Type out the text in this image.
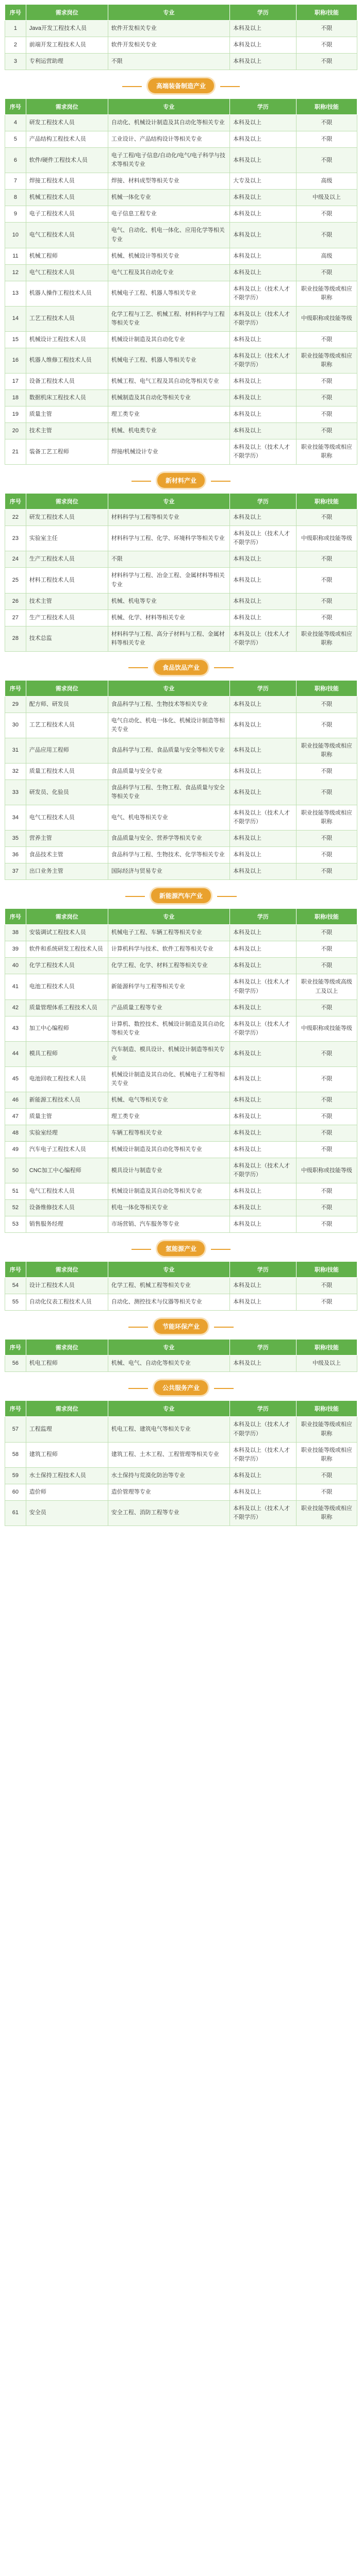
序号	需求岗位	专业	学历	职称/技能
1	Java开发工程技术人员	软件开发相关专业	本科及以上	不限
2	前端开发工程技术人员	软件开发相关专业	本科及以上	不限
3	专利运营助理	不限	本科及以上	不限
高端装备制造产业
序号	需求岗位	专业	学历	职称/技能
4	研发工程技术人员	自动化、机械设计制造及其自动化等相关专业	本科及以上	不限
5	产品结构工程技术人员	工业设计、产品结构设计等相关专业	本科及以上	不限
6	软件/硬件工程技术人员	电子工程/电子信息/自动化/电气/电子科学与技术等相关专业	本科及以上	不限
7	焊接工程技术人员	焊接、材料成型等相关专业	大专及以上	高级
8	机械工程技术人员	机械一体化专业	本科及以上	中级及以上
9	电子工程技术人员	电子信息工程专业	本科及以上	不限
10	电气工程技术人员	电气、自动化、机电一体化、应用化学等相关专业	本科及以上	不限
11	机械工程师	机械、机械设计等相关专业	本科及以上	高级
12	电气工程技术人员	电气工程及其自动化专业	本科及以上	不限
13	机器人操作工程技术人员	机械电子工程、机器人等相关专业	本科及以上（技术人才不限学历）	职业技能等级或相应职称
14	工艺工程技术人员	化学工程与工艺、机械工程、材料科学与工程等相关专业	本科及以上（技术人才不限学历）	中级职称或技能等级
15	机械设计工程技术人员	机械设计制造及其自动化专业	本科及以上	不限
16	机器人维修工程技术人员	机械电子工程、机器人等相关专业	本科及以上（技术人才不限学历）	职业技能等级或相应职称
17	设备工程技术人员	机械工程、电气工程及其自动化等相关专业	本科及以上	不限
18	数据机床工程技术人员	机械制造及其自动化等相关专业	本科及以上	不限
19	质量主管	理工类专业	本科及以上	不限
20	技术主管	机械、机电类专业	本科及以上	不限
21	装备工艺工程师	焊接/机械设计专业	本科及以上（技术人才不限学历）	职业技能等级或相应职称
新材料产业
序号	需求岗位	专业	学历	职称/技能
22	研发工程技术人员	材料科学与工程等相关专业	本科及以上	不限
23	实验室主任	材料科学与工程、化学、环境科学等相关专业	本科及以上（技术人才不限学历）	中级职称或技能等级
24	生产工程技术人员	不限	本科及以上	不限
25	材料工程技术人员	材料科学与工程、冶金工程、金属材料等相关专业	本科及以上	不限
26	技术主管	机械、机电等专业	本科及以上	不限
27	生产工程技术人员	机械、化学、材料等相关专业	本科及以上	不限
28	技术总监	材料科学与工程、高分子材料与工程、金属材料等相关专业	本科及以上（技术人才不限学历）	职业技能等级或相应职称
食品饮品产业
序号	需求岗位	专业	学历	职称/技能
29	配方师、研发员	食品科学与工程、生物技术等相关专业	本科及以上	不限
30	工艺工程技术人员	电气自动化、机电一体化、机械设计制造等相关专业	本科及以上	不限
31	产品应用工程师	食品科学与工程、食品质量与安全等相关专业	本科及以上	职业技能等级或相应职称
32	质量工程技术人员	食品质量与安全专业	本科及以上	不限
33	研发员、化验员	食品科学与工程、生物工程、食品质量与安全等相关专业	本科及以上	不限
34	电气工程技术人员	电气、机电等相关专业	本科及以上（技术人才不限学历）	职业技能等级或相应职称
35	营养主管	食品质量与安全、营养学等相关专业	本科及以上	不限
36	食品技术主管	食品科学与工程、生物技术、化学等相关专业	本科及以上	不限
37	出口业务主管	国际经济与贸易专业	本科及以上	不限
新能源汽车产业
序号	需求岗位	专业	学历	职称/技能
38	安装调试工程技术人员	机械电子工程、车辆工程等相关专业	本科及以上	不限
39	软件和系统研发工程技术人员	计算机科学与技术、软件工程等相关专业	本科及以上	不限
40	化学工程技术人员	化学工程、化学、材料工程等相关专业	本科及以上	不限
41	电池工程技术人员	新能源科学与工程等相关专业	本科及以上（技术人才不限学历）	职业技能等级或高级工及以上
42	质量管理体系工程技术人员	产品质量工程等专业	本科及以上	不限
43	加工中心编程师	计算机、数控技术、机械设计制造及其自动化等相关专业	本科及以上（技术人才不限学历）	中级职称或技能等级
44	模具工程师	汽车制造、模具设计、机械设计制造等相关专业	本科及以上	不限
45	电池回收工程技术人员	机械设计制造及其自动化、机械电子工程等相关专业	本科及以上	不限
46	新能源工程技术人员	机械、电气等相关专业	本科及以上	不限
47	质量主管	理工类专业	本科及以上	不限
48	实验室经理	车辆工程等相关专业	本科及以上	不限
49	汽车电子工程技术人员	机械设计制造及其自动化等相关专业	本科及以上	不限
50	CNC加工中心编程师	模具设计与制造专业	本科及以上（技术人才不限学历）	中级职称或技能等级
51	电气工程技术人员	机械设计制造及其自动化等相关专业	本科及以上	不限
52	设备维修技术人员	机电一体化等相关专业	本科及以上	不限
53	销售服务经理	市场营销、汽车服务等专业	本科及以上	不限
氢能源产业
序号	需求岗位	专业	学历	职称/技能
54	设计工程技术人员	化学工程、机械工程等相关专业	本科及以上	不限
55	自动化仪表工程技术人员	自动化、测控技术与仪器等相关专业	本科及以上	不限
节能环保产业
序号	需求岗位	专业	学历	职称/技能
56	机电工程师	机械、电气、自动化等相关专业	本科及以上	中级及以上
公共服务产业
序号	需求岗位	专业	学历	职称/技能
57	工程监理	机电工程、建筑电气等相关专业	本科及以上（技术人才不限学历）	职业技能等级或相应职称
58	建筑工程师	建筑工程、土木工程、工程管理等相关专业	本科及以上（技术人才不限学历）	职业技能等级或相应职称
59	水土保持工程技术人员	水土保持与荒漠化防治等专业	本科及以上	不限
60	造价师	造价管理等专业	本科及以上	不限
61	安全员	安全工程、消防工程等专业	本科及以上（技术人才不限学历）	职业技能等级或相应职称
